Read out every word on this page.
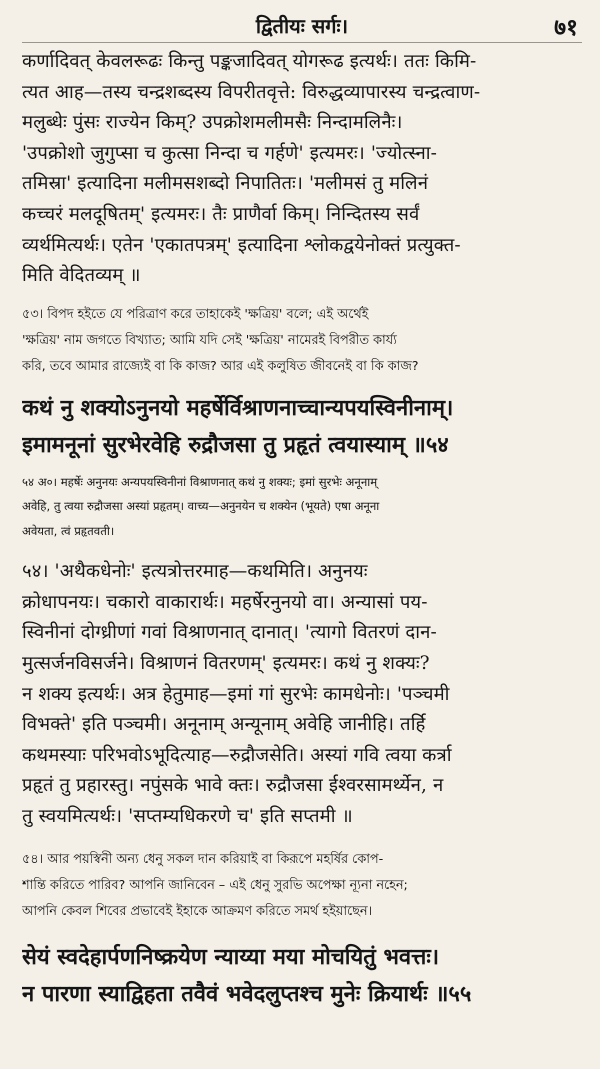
द्वितीयः सर्गः।	७१
कर्णादिवत् केवलरूढः किन्तु पङ्कजादिवत् योगरूढ इत्यर्थः। ततः किमि-
त्यत आह—तस्य चन्द्रशब्दस्य विपरीतवृत्ते: विरुद्धव्यापारस्य चन्द्रत्वाण-
मलुब्धेः पुंसः राज्येन किम्? उपक्रोशमलीमसैः निन्दामलिनैः।
'उपक्रोशो जुगुप्सा च कुत्सा निन्दा च गर्हणे' इत्यमरः। 'ज्योत्स्ना-
तमिस्रा' इत्यादिना मलीमसशब्दो निपातितः। 'मलीमसं तु मलिनं
कच्चरं मलदूषितम्' इत्यमरः। तैः प्राणैर्वा किम्। निन्दितस्य सर्वं
व्यर्थमित्यर्थः। एतेन 'एकातपत्रम्' इत्यादिना श्लोकद्वयेनोक्तं प्रत्युक्त-
मिति वेदितव्यम् ॥
৫৩। বিপদ হইতে যে পরিত্রাণ করে তাহাকেই 'ক্ষত্রিয়' বলে; এই অর্থেই
'ক্ষত্রিয়' নাম জগতে বিখ্যাত; আমি যদি সেই 'ক্ষত্রিয়' নামেরই বিপরীত কার্য্য
করি, তবে আমার রাজ্যেই বা কি কাজ? আর এই কলুষিত জীবনেই বা কি কাজ?
कथं नु शक्योऽनुनयो महर्षेर्विश्राणनाच्चान्यपयस्विनीनाम्।
इमामनूनां सुरभेरवेहि रुद्रौजसा तु प्रहृतं त्वयास्याम् ॥५४
५४ अ०। महर्षेः अनुनयः अन्यपयस्विनीनां विश्राणनात् कथं नु शक्यः; इमां सुरभेः अनूनाम्
अवेहि, तु त्वया रुद्रौजसा अस्यां प्रहृतम्। वाच्य—अनुनयेन च शक्येन (भूयते) एषा अनूना
अवेयता, त्वं प्रहृतवती।
५४। 'अथैकधेनोः' इत्यत्रोत्तरमाह—कथमिति। अनुनयः
क्रोधापनयः। चकारो वाकारार्थः। महर्षेरनुनयो वा। अन्यासां पय-
स्विनीनां दोग्ध्रीणां गवां विश्राणनात् दानात्। 'त्यागो वितरणं दान-
मुत्सर्जनविसर्जने। विश्राणनं वितरणम्' इत्यमरः। कथं नु शक्यः?
न शक्य इत्यर्थः। अत्र हेतुमाह—इमां गां सुरभेः कामधेनोः। 'पञ्चमी
विभक्ते' इति पञ्चमी। अनूनाम् अन्यूनाम् अवेहि जानीहि। तर्हि
कथमस्याः परिभवोऽभूदित्याह—रुद्रौजसेति। अस्यां गवि त्वया कर्त्रा
प्रहृतं तु प्रहारस्तु। नपुंसके भावे क्तः। रुद्रौजसा ईश्वरसामर्थ्येन, न
तु स्वयमित्यर्थः। 'सप्तम्यधिकरणे च' इति सप्तमी ॥
৫৪। আর পয়স্বিনী অন্য ধেনু সকল দান করিয়াই বা কিরূপে মহর্ষির কোপ-
শান্তি করিতে পারিব? আপনি জানিবেন – এই ধেনু সুরভি অপেক্ষা ন্যূনা নহেন;
আপনি কেবল শিবের প্রভাবেই ইহাকে আক্রমণ করিতে সমর্থ হইয়াছেন।
सेयं स्वदेहार्पणनिष्क्रयेण न्याय्या मया मोचयितुं भवत्तः।
न पारणा स्याद्विहता तवैवं भवेदलुप्तश्च मुनेः क्रियार्थः ॥५५
